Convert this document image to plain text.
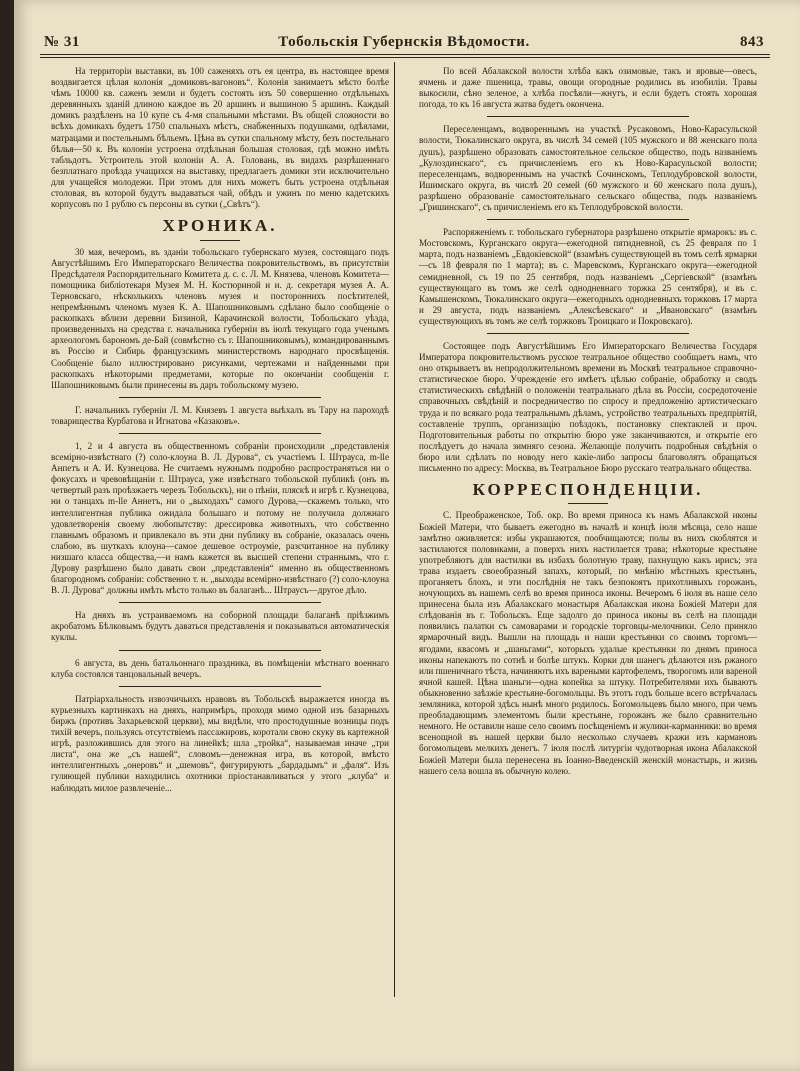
№ 31	Тобольскія Губернскія Вѣдомости.	843

На территоріи выставки, въ 100 саженяхъ отъ ея центра, въ настоящее время воздвигается цѣлая колонія „домиковъ-вагоновъ“. Колонія занимаетъ мѣсто болѣе чѣмъ 10000 кв. саженъ земли и будетъ состоять изъ 50 совершенно отдѣльныхъ деревянныхъ зданій длиною каждое въ 20 аршинъ и вышиною 5 аршинъ. Каждый домикъ раздѣленъ на 10 купе съ 4-мя спальными мѣстами. Въ общей сложности во всѣхъ домикахъ будетъ 1750 спальныхъ мѣстъ, снабженныхъ подушками, одѣялами, матрацами и постельнымъ бѣльемъ. Цѣна въ сутки спальному мѣсту, безъ постельнаго бѣлья—50 к. Въ колоніи устроена отдѣльная большая столовая, гдѣ можно имѣть табльдотъ. Устроитель этой колоніи А. А. Головань, въ видахъ разрѣшеннаго безплатнаго проѣзда учащихся на выставку, предлагаетъ домики эти исключительно для учащейся молодежи. При этомъ для нихъ можетъ быть устроена отдѣльная столовая, въ которой будутъ выдаваться чай, обѣдъ и ужинъ по меню кадетскихъ корпусовъ по 1 рублю съ персоны въ сутки („Свѣтъ“).

ХРОНИКА.

30 мая, вечеромъ, въ зданіи тобольскаго губернскаго музея, состоящаго подъ Августѣйшимъ Его Императорскаго Величества покровительствомъ, въ присутствіи Предсѣдателя Распорядительнаго Комитета д. с. с. Л. М. Князева, членовъ Комитета—помощника библіотекаря Музея М. Н. Костюриной и и. д. секретаря музея А. А. Терновскаго, нѣсколькихъ членовъ музея и постороннихъ посѣтителей, непремѣннымъ членомъ музея К. А. Шапошниковымъ сдѣлано было сообщеніе о раскопкахъ вблизи деревни Бизиной, Карачинской волости, Тобольскаго уѣзда, произведенныхъ на средства г. начальника губерніи въ іюлѣ текущаго года ученымъ археологомъ барономъ де-Бай (совмѣстно съ г. Шапошниковымъ), командированнымъ въ Россію и Сибирь французскимъ министерствомъ народнаго просвѣщенія. Сообщеніе было иллюстрировано рисунками, чертежами и найденными при раскопкахъ нѣкоторыми предметами, которые по окончаніи сообщенія г. Шапошниковымъ были принесены въ даръ тобольскому музею.

Г. начальникъ губерніи Л. М. Князевъ 1 августа выѣхалъ въ Тару на пароходѣ товарищества Курбатова и Игнатова «Казаковъ».

1, 2 и 4 августа въ общественномъ собраніи происходили „представленія всемірно-извѣстнаго (?) соло-клоуна В. Л. Дурова“, съ участіемъ І. Штрауса, m-lle Анпетъ и А. И. Кузнецова. Не считаемъ нужнымъ подробно распространяться ни о фокусахъ и чревовѣщаніи г. Штрауса, уже извѣстнаго тобольской публикѣ (онъ въ четвертый разъ проѣзжаетъ черезъ Тобольскъ), ни о пѣніи, пляскѣ и игрѣ г. Кузнецова, ни о танцахъ m-lle Аннетъ, ни о „выходахъ“ самого Дурова,—скажемъ только, что интеллигентная публика ожидала большаго и потому не получила должнаго удовлетворенія своему любопытству: дрессировка животныхъ, что собственно главнымъ образомъ и привлекало въ эти дни публику въ собраніе, оказалась очень слабою, въ шуткахъ клоуна—самое дешевое остроуміе, разсчитанное на публику низшаго класса общества,—и намъ кажется въ высшей степени страннымъ, что г. Дурову разрѣшено было давать свои „представленія“ именно въ общественномъ благородномъ собраніи: собственно т. н. „выходы всемірно-извѣстнаго (?) соло-клоуна В. Л. Дурова“ должны имѣть мѣсто только въ балаганѣ... Штраусъ—другое дѣло.

На дняхъ въ устраиваемомъ на соборной площади балаганѣ пріѣзжимъ акробатомъ Бѣлковымъ будутъ даваться представленія и показываться автоматическія куклы.

6 августа, въ день батальоннаго праздника, въ помѣщеніи мѣстнаго военнаго клуба состоялся танцовальный вечеръ.

Патріархальность извозчичьихъ нравовъ въ Тобольскѣ выражается иногда въ курьезныхъ картинкахъ на дняхъ, напримѣръ, проходя мимо одной изъ базарныхъ биржъ (противъ Захарьевской церкви), мы видѣли, что простодушные возницы подъ тихій вечеръ, пользуясь отсутствіемъ пассажировъ, коротали свою скуку въ картежной игрѣ, разложившись для этого на линейкѣ; шла „тройка“, называемая иначе „три листа“, она же „съ нашей“, словомъ—денежная игра, въ которой, вмѣсто интеллигентныхъ „онеровъ“ и „шемовъ“, фигурируютъ „бардадымъ“ и „фаля“. Изъ гуляющей публики находились охотники пріостанавливаться у этого „клуба“ и наблюдать милое развлеченіе...

По всей Абалакской волости хлѣба какъ озимовые, такъ и яровые—овесъ, ячмень и даже пшеница, травы, овощи огородные родились въ изобиліи. Травы выкосили, сѣно зеленое, а хлѣба посѣяли—жнутъ, и если будетъ стоять хорошая погода, то къ 16 августа жатва будетъ окончена.

Переселенцамъ, водвореннымъ на участкѣ Русаковомъ, Ново-Карасульской волости, Тюкалинскаго округа, въ числѣ 34 семей (105 мужского и 88 женскаго пола душъ), разрѣшено образовать самостоятельное сельское общество, подъ названіемъ „Кулоздинскаго“, съ причисленіемъ его къ Ново-Карасульской волости; переселенцамъ, водвореннымъ на участкѣ Сочинскомъ, Теплодубровской волости, Ишимскаго округа, въ числѣ 20 семей (60 мужского и 60 женскаго пола душъ), разрѣшено образованіе самостоятельнаго сельскаго общества, подъ названіемъ „Гришинскаго“, съ причисленіемъ его къ Теплодубровской волости.

Распоряженіемъ г. тобольскаго губернатора разрѣшено открытіе ярмарокъ: въ с. Мостовскомъ, Курганскаго округа—ежегодной пятидневной, съ 25 февраля по 1 марта, подъ названіемъ „Евдокіевской“ (взамѣнъ существующей въ томъ селѣ ярмарки—съ 18 февраля по 1 марта); въ с. Маревскомъ, Курганскаго округа—ежегодной семидневной, съ 19 по 25 сентября, подъ названіемъ „Сергіевской“ (взамѣнъ существующаго въ томъ же селѣ однодневнаго торжка 25 сентября), и въ с. Камышенскомъ, Тюкалинскаго округа—ежегодныхъ однодневныхъ торжковъ 17 марта и 29 августа, подъ названіемъ „Алексѣевскаго“ и „Ивановскаго“ (взамѣнъ существующихъ въ томъ же селѣ торжковъ Троицкаго и Покровскаго).

Состоящее подъ Августѣйшимъ Его Императорскаго Величества Государя Императора покровительствомъ русское театральное общество сообщаетъ намъ, что оно открываетъ въ непродолжительномъ времени въ Москвѣ театральное справочно-статистическое бюро. Учрежденіе его имѣетъ цѣлью собраніе, обработку и сводъ статистическихъ свѣдѣній о положеніи театральнаго дѣла въ Россіи, сосредоточеніе справочныхъ свѣдѣній и посредничество по спросу и предложенію артистическаго труда и по всякаго рода театральнымъ дѣламъ, устройство театральныхъ предпріятій, составленіе труппъ, организацію поѣздокъ, постановку спектаклей и проч. Подготовительныя работы по открытію бюро уже заканчиваются, и открытіе его послѣдуетъ до начала зимняго сезона. Желающіе получить подробныя свѣдѣнія о бюро или сдѣлать по новоду него какіе-либо запросы благоволятъ обращаться письменно по адресу: Москва, въ Театральное Бюро русскаго театральнаго общества.

КОРРЕСПОНДЕНЦІИ.

С. Преображенское, Тоб. окр. Во время приноса къ намъ Абалакской иконы Божіей Матери, что бываетъ ежегодно въ началѣ и концѣ іюля мѣсяца, село наше замѣтно оживляется: избы украшаются, пообчищаются; полы въ нихъ скоблятся и застилаются половиками, а поверхъ нихъ настилается трава; нѣкоторые крестьяне употребляютъ для настилки въ избахъ болотную траву, пахнущую какъ ирисъ; эта трава издаетъ своеобразный запахъ, который, по мнѣнію мѣстныхъ крестьянъ, проганяетъ блохъ, и эти послѣднія не такъ безпокоятъ прихотливыхъ горожанъ, ночующихъ въ нашемъ селѣ во время приноса иконы. Вечеромъ 6 іюля въ наше село принесена была изъ Абалакскаго монастыря Абалакская икона Божіей Матери для слѣдованія въ г. Тобольскъ. Еще задолго до приноса иконы въ селѣ на площади появились палатки съ самоварами и городскіе торговцы-мелочники. Село приняло ярмарочный видъ. Вышли на площадь и наши крестьянки со своимъ торгомъ—ягодами, квасомъ и „шаньгами“, которыхъ удалые крестьянки по днямъ приноса иконы напекаютъ по сотнѣ и болѣе штукъ. Корки для шанегъ дѣлаются изъ ржаного или пшеничнаго тѣста, начиняютъ ихъ вареными картофелемъ, творогомъ или вареной ячной кашей. Цѣна шаньги—одна копейка за штуку. Потребителями ихъ бываютъ обыкновенно заѣзжіе крестьяне-богомольцы. Въ этотъ годъ больше всего встрѣчалась земляника, которой здѣсь нынѣ много родилось. Богомольцевъ было много, при чемъ преобладающимъ элементомъ были крестьяне, горожанъ же было сравнительно немного. Не оставили наше село своимъ посѣщеніемъ и жулики-карманники: во время всенощной въ нашей церкви было несколько случаевъ кражи изъ кармановъ богомольцевъ мелкихъ денегъ. 7 іюля послѣ литургіи чудотворная икона Абалакской Божіей Матери была перенесена въ Іоанно-Введенскій женскій монастырь, и жизнь нашего села вошла въ обычную колею.
